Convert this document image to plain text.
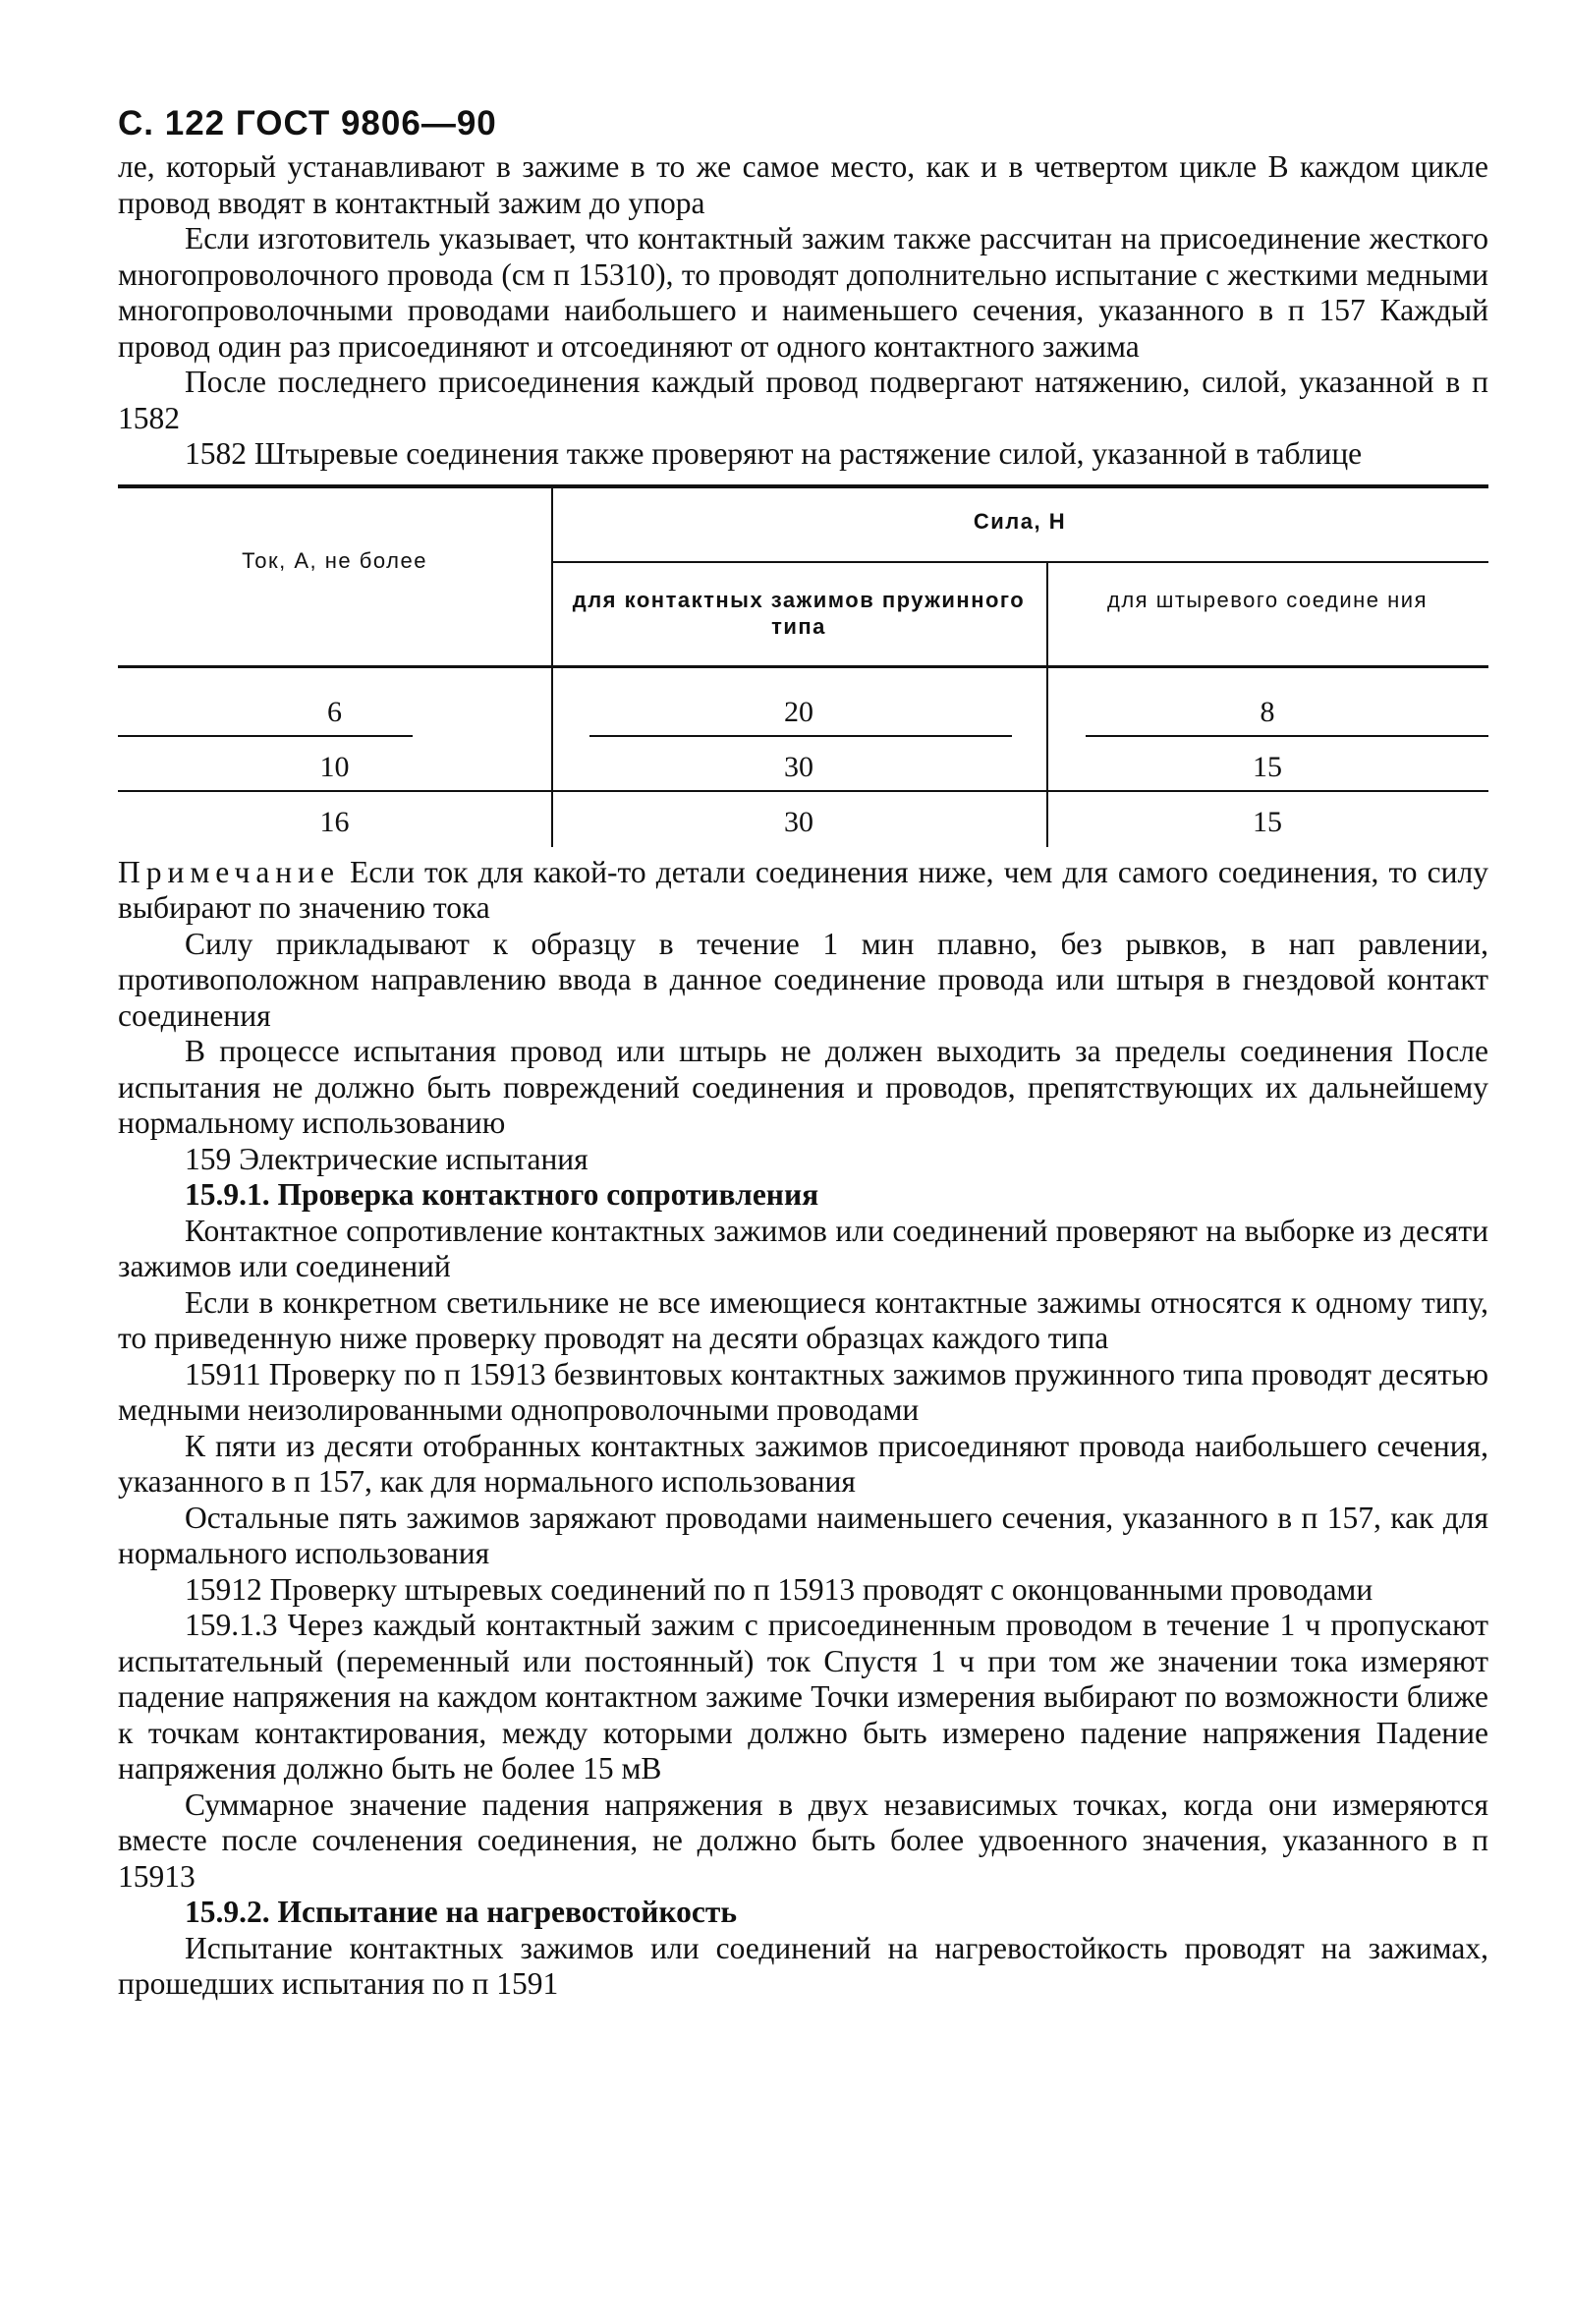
С. 122 ГОСТ 9806—90

ле, который устанавливают в зажиме в то же самое место, как и в четвертом цикле В каждом цикле провод вводят в контактный зажим до упора

Если изготовитель указывает, что контактный зажим также рассчитан на присоединение жесткого многопроволочного провода (см п 15310), то проводят дополнительно испытание с жесткими медными многопроволочными проводами наибольшего и наименьшего сечения, указанного в п 157 Каждый провод один раз присоединяют и отсоединяют от одного контактного зажима

После последнего присоединения каждый провод подвергают натяжению, силой, указанной в п 1582

1582 Штыревые соединения также проверяют на растяжение силой, указанной в таблице

Ток, А, не более
Сила, Н
для контактных зажимов пружинного типа
для штыревого соедине ния
6	20	8
10	30	15
16	30	15

Примечание Если ток для какой-то детали соединения ниже, чем для самого соединения, то силу выбирают по значению тока

Силу прикладывают к образцу в течение 1 мин плавно, без рывков, в нап равлении, противоположном направлению ввода в данное соединение провода или штыря в гнездовой контакт соединения

В процессе испытания провод или штырь не должен выходить за пределы соединения После испытания не должно быть повреждений соединения и проводов, препятствующих их дальнейшему нормальному использованию

159 Электрические испытания

15.9.1. Проверка контактного сопротивления

Контактное сопротивление контактных зажимов или соединений проверяют на выборке из десяти зажимов или соединений

Если в конкретном светильнике не все имеющиеся контактные зажимы относятся к одному типу, то приведенную ниже проверку проводят на десяти образцах каждого типа

15911 Проверку по п 15913 безвинтовых контактных зажимов пружинного типа проводят десятью медными неизолированными однопроволочными проводами

К пяти из десяти отобранных контактных зажимов присоединяют провода наибольшего сечения, указанного в п 157, как для нормального использования

Остальные пять зажимов заряжают проводами наименьшего сечения, указанного в п 157, как для нормального использования

15912 Проверку штыревых соединений по п 15913 проводят с оконцованными проводами

159.1.3 Через каждый контактный зажим с присоединенным проводом в течение 1 ч пропускают испытательный (переменный или постоянный) ток Спустя 1 ч при том же значении тока измеряют падение напряжения на каждом контактном зажиме Точки измерения выбирают по возможности ближе к точкам контактирования, между которыми должно быть измерено падение напряжения Падение напряжения должно быть не более 15 мВ

Суммарное значение падения напряжения в двух независимых точках, когда они измеряются вместе после сочленения соединения, не должно быть более удвоенного значения, указанного в п 15913

15.9.2. Испытание на нагревостойкость

Испытание контактных зажимов или соединений на нагревостойкость проводят на зажимах, прошедших испытания по п 1591
